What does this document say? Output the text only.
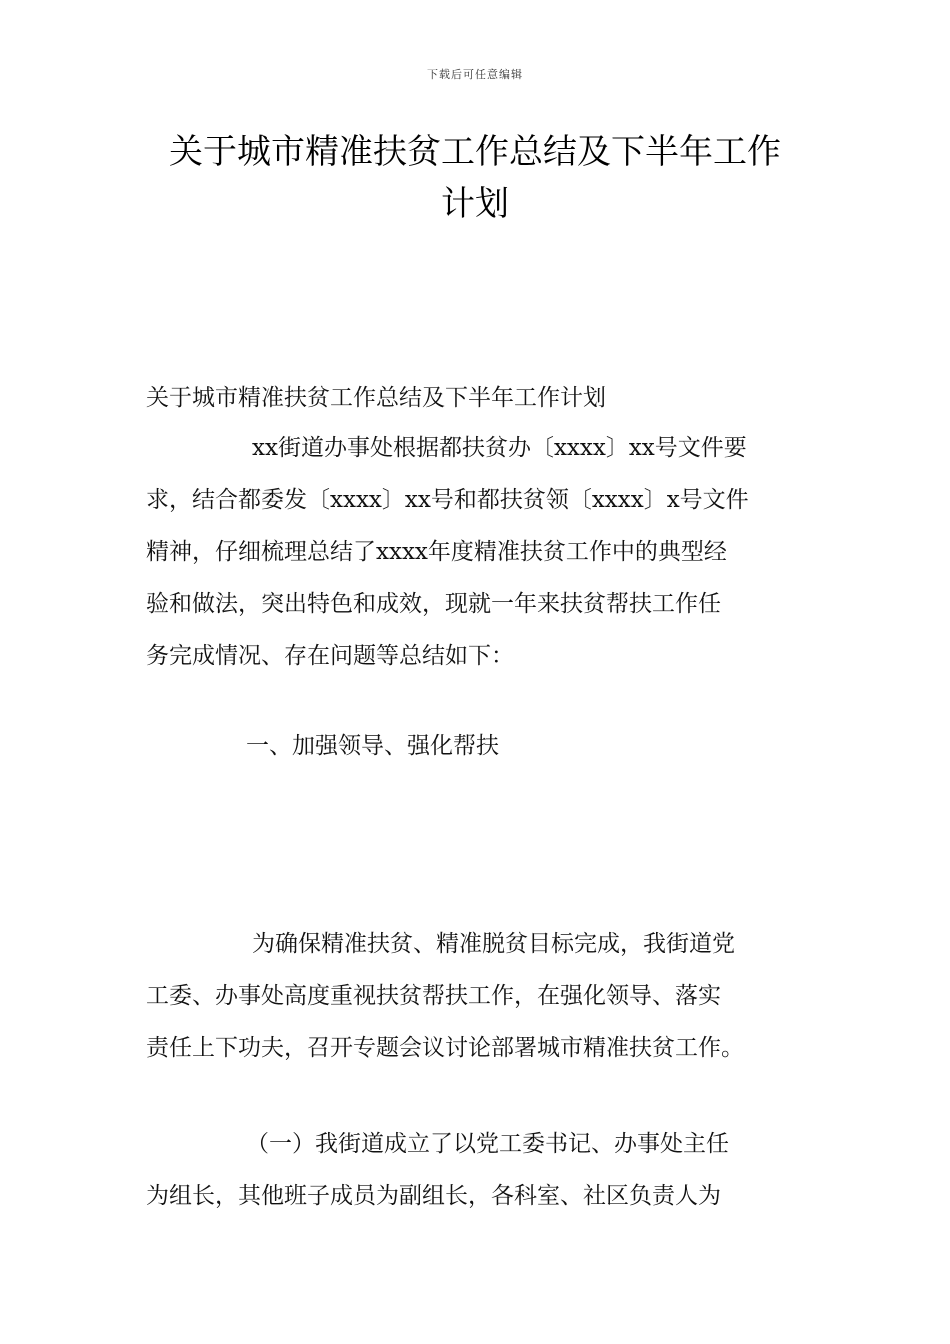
下载后可任意编辑
关于城市精准扶贫工作总结及下半年工作
计划

关于城市精准扶贫工作总结及下半年工作计划

xx街道办事处根据都扶贫办〔xxxx〕xx号文件要
求，结合都委发〔xxxx〕xx号和都扶贫领〔xxxx〕x号文件
精神，仔细梳理总结了xxxx年度精准扶贫工作中的典型经
验和做法，突出特色和成效，现就一年来扶贫帮扶工作任
务完成情况、存在问题等总结如下：

一、加强领导、强化帮扶

为确保精准扶贫、精准脱贫目标完成，我街道党
工委、办事处高度重视扶贫帮扶工作，在强化领导、落实
责任上下功夫，召开专题会议讨论部署城市精准扶贫工作。
（一）我街道成立了以党工委书记、办事处主任
为组长，其他班子成员为副组长，各科室、社区负责人为
